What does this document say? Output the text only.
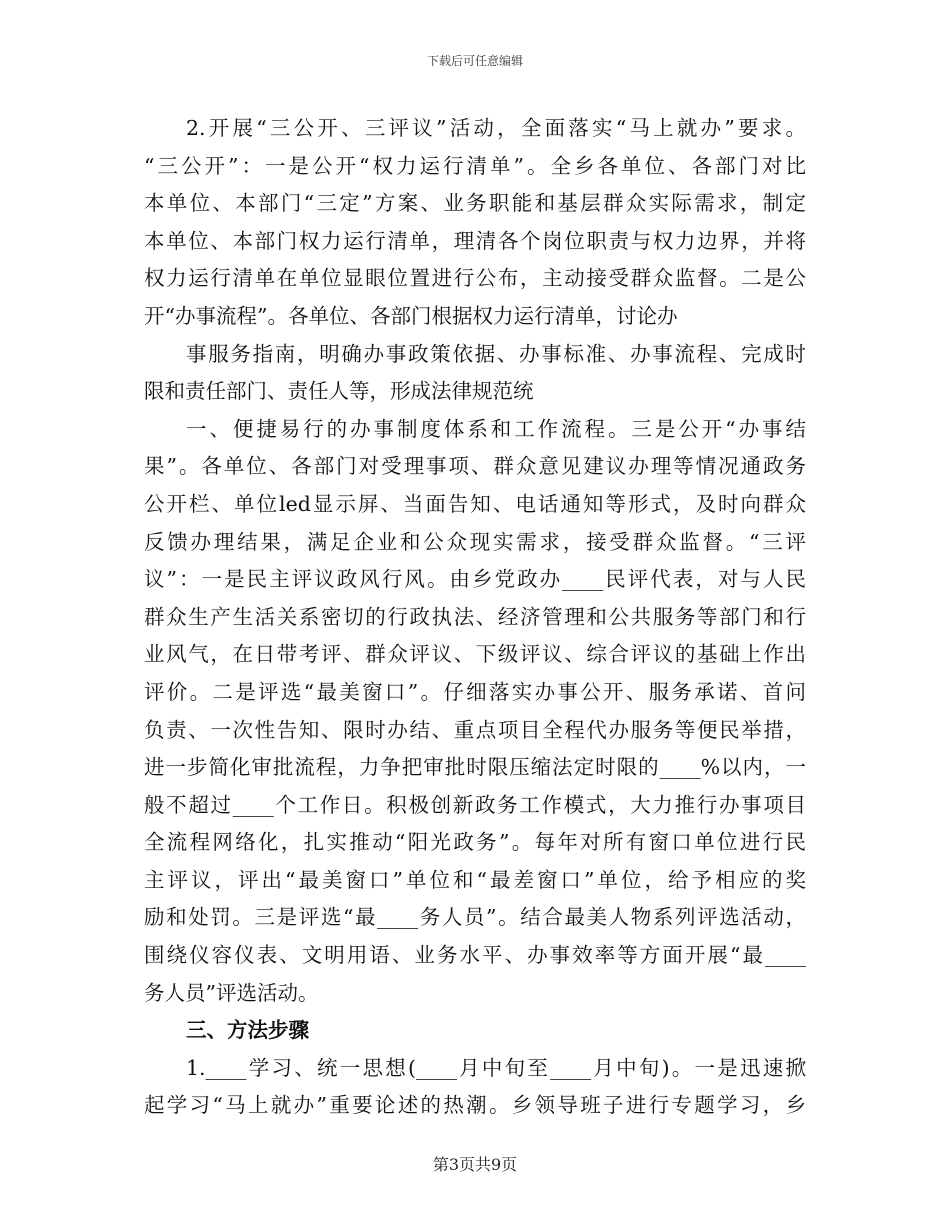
下载后可任意编辑
2.开展“三公开、三评议”活动，全面落实“马上就办”要求。
“三公开”：一是公开“权力运行清单”。全乡各单位、各部门对比
本单位、本部门“三定”方案、业务职能和基层群众实际需求，制定
本单位、本部门权力运行清单，理清各个岗位职责与权力边界，并将
权力运行清单在单位显眼位置进行公布，主动接受群众监督。二是公
开“办事流程”。各单位、各部门根据权力运行清单，讨论办
事服务指南，明确办事政策依据、办事标准、办事流程、完成时
限和责任部门、责任人等，形成法律规范统
一、便捷易行的办事制度体系和工作流程。三是公开“办事结
果”。各单位、各部门对受理事项、群众意见建议办理等情况通政务
公开栏、单位led显示屏、当面告知、电话通知等形式，及时向群众
反馈办理结果，满足企业和公众现实需求，接受群众监督。“三评
议”：一是民主评议政风行风。由乡党政办____民评代表，对与人民
群众生产生活关系密切的行政执法、经济管理和公共服务等部门和行
业风气，在日带考评、群众评议、下级评议、综合评议的基础上作出
评价。二是评选“最美窗口”。仔细落实办事公开、服务承诺、首问
负责、一次性告知、限时办结、重点项目全程代办服务等便民举措，
进一步简化审批流程，力争把审批时限压缩法定时限的____%以内，一
般不超过____个工作日。积极创新政务工作模式，大力推行办事项目
全流程网络化，扎实推动“阳光政务”。每年对所有窗口单位进行民
主评议，评出“最美窗口”单位和“最差窗口”单位，给予相应的奖
励和处罚。三是评选“最____务人员”。结合最美人物系列评选活动，
围绕仪容仪表、文明用语、业务水平、办事效率等方面开展“最____
务人员”评选活动。
三、方法步骤
1.____学习、统一思想(____月中旬至____月中旬)。一是迅速掀
起学习“马上就办”重要论述的热潮。乡领导班子进行专题学习，乡
第3页共9页
